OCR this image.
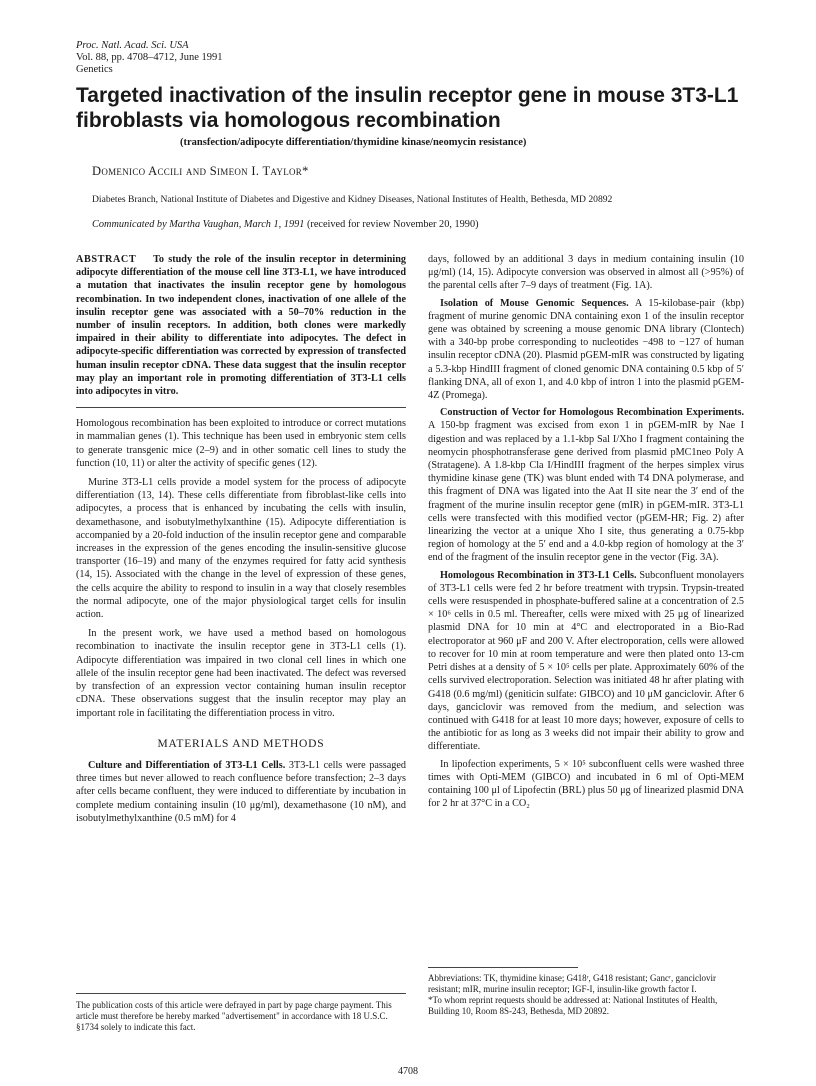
Proc. Natl. Acad. Sci. USA
Vol. 88, pp. 4708–4712, June 1991
Genetics
Targeted inactivation of the insulin receptor gene in mouse 3T3-L1 fibroblasts via homologous recombination
(transfection/adipocyte differentiation/thymidine kinase/neomycin resistance)
Domenico Accili and Simeon I. Taylor*
Diabetes Branch, National Institute of Diabetes and Digestive and Kidney Diseases, National Institutes of Health, Bethesda, MD 20892
Communicated by Martha Vaughan, March 1, 1991 (received for review November 20, 1990)

ABSTRACT To study the role of the insulin receptor in determining adipocyte differentiation of the mouse cell line 3T3-L1, we have introduced a mutation that inactivates the insulin receptor gene by homologous recombination. In two independent clones, inactivation of one allele of the insulin receptor gene was associated with a 50–70% reduction in the number of insulin receptors. In addition, both clones were markedly impaired in their ability to differentiate into adipocytes. The defect in adipocyte-specific differentiation was corrected by expression of transfected human insulin receptor cDNA. These data suggest that the insulin receptor may play an important role in promoting differentiation of 3T3-L1 cells into adipocytes in vitro.

Homologous recombination has been exploited to introduce or correct mutations in mammalian genes (1). This technique has been used in embryonic stem cells to generate transgenic mice (2–9) and in other somatic cell lines to study the function (10, 11) or alter the activity of specific genes (12).

Murine 3T3-L1 cells provide a model system for the process of adipocyte differentiation (13, 14). These cells differentiate from fibroblast-like cells into adipocytes, a process that is enhanced by incubating the cells with insulin, dexamethasone, and isobutylmethylxanthine (15). Adipocyte differentiation is accompanied by a 20-fold induction of the insulin receptor gene and comparable increases in the expression of the genes encoding the insulin-sensitive glucose transporter (16–19) and many of the enzymes required for fatty acid synthesis (14, 15). Associated with the change in the level of expression of these genes, the cells acquire the ability to respond to insulin in a way that closely resembles the normal adipocyte, one of the major physiological target cells for insulin action.

In the present work, we have used a method based on homologous recombination to inactivate the insulin receptor gene in 3T3-L1 cells (1). Adipocyte differentiation was impaired in two clonal cell lines in which one allele of the insulin receptor gene had been inactivated. The defect was reversed by transfection of an expression vector containing human insulin receptor cDNA. These observations suggest that the insulin receptor may play an important role in facilitating the differentiation process in vitro.

MATERIALS AND METHODS

Culture and Differentiation of 3T3-L1 Cells. 3T3-L1 cells were passaged three times but never allowed to reach confluence before transfection; 2–3 days after cells became confluent, they were induced to differentiate by incubation in complete medium containing insulin (10 μg/ml), dexamethasone (10 nM), and isobutylmethylxanthine (0.5 mM) for 4

days, followed by an additional 3 days in medium containing insulin (10 μg/ml) (14, 15). Adipocyte conversion was observed in almost all (>95%) of the parental cells after 7–9 days of treatment (Fig. 1A).

Isolation of Mouse Genomic Sequences. A 15-kilobase-pair (kbp) fragment of murine genomic DNA containing exon 1 of the insulin receptor gene was obtained by screening a mouse genomic DNA library (Clontech) with a 340-bp probe corresponding to nucleotides −498 to −127 of human insulin receptor cDNA (20). Plasmid pGEM-mIR was constructed by ligating a 5.3-kbp HindIII fragment of cloned genomic DNA containing 0.5 kbp of 5′ flanking DNA, all of exon 1, and 4.0 kbp of intron 1 into the plasmid pGEM-4Z (Promega).

Construction of Vector for Homologous Recombination Experiments. A 150-bp fragment was excised from exon 1 in pGEM-mIR by Nae I digestion and was replaced by a 1.1-kbp Sal I/Xho I fragment containing the neomycin phosphotransferase gene derived from plasmid pMC1neo Poly A (Stratagene). A 1.8-kbp Cla I/HindIII fragment of the herpes simplex virus thymidine kinase gene (TK) was blunt ended with T4 DNA polymerase, and this fragment of DNA was ligated into the Aat II site near the 3′ end of the fragment of the murine insulin receptor gene (mIR) in pGEM-mIR. 3T3-L1 cells were transfected with this modified vector (pGEM-HR; Fig. 2) after linearizing the vector at a unique Xho I site, thus generating a 0.75-kbp region of homology at the 5′ end and a 4.0-kbp region of homology at the 3′ end of the fragment of the insulin receptor gene in the vector (Fig. 3A).

Homologous Recombination in 3T3-L1 Cells. Subconfluent monolayers of 3T3-L1 cells were fed 2 hr before treatment with trypsin. Trypsin-treated cells were resuspended in phosphate-buffered saline at a concentration of 2.5 × 10⁶ cells in 0.5 ml. Thereafter, cells were mixed with 25 μg of linearized plasmid DNA for 10 min at 4°C and electroporated in a Bio-Rad electroporator at 960 μF and 200 V. After electroporation, cells were allowed to recover for 10 min at room temperature and were then plated onto 13-cm Petri dishes at a density of 5 × 10⁵ cells per plate. Approximately 60% of the cells survived electroporation. Selection was initiated 48 hr after plating with G418 (0.6 mg/ml) (geniticin sulfate: GIBCO) and 10 μM ganciclovir. After 6 days, ganciclovir was removed from the medium, and selection was continued with G418 for at least 10 more days; however, exposure of cells to the antibiotic for as long as 3 weeks did not impair their ability to grow and differentiate.

In lipofection experiments, 5 × 10⁵ subconfluent cells were washed three times with Opti-MEM (GIBCO) and incubated in 6 ml of Opti-MEM containing 100 μl of Lipofectin (BRL) plus 50 μg of linearized plasmid DNA for 2 hr at 37°C in a CO₂

The publication costs of this article were defrayed in part by page charge payment. This article must therefore be hereby marked "advertisement" in accordance with 18 U.S.C. §1734 solely to indicate this fact.
Abbreviations: TK, thymidine kinase; G418ʳ, G418 resistant; Gancʳ, ganciclovir resistant; mIR, murine insulin receptor; IGF-I, insulin-like growth factor I.
*To whom reprint requests should be addressed at: National Institutes of Health, Building 10, Room 8S-243, Bethesda, MD 20892.
4708
